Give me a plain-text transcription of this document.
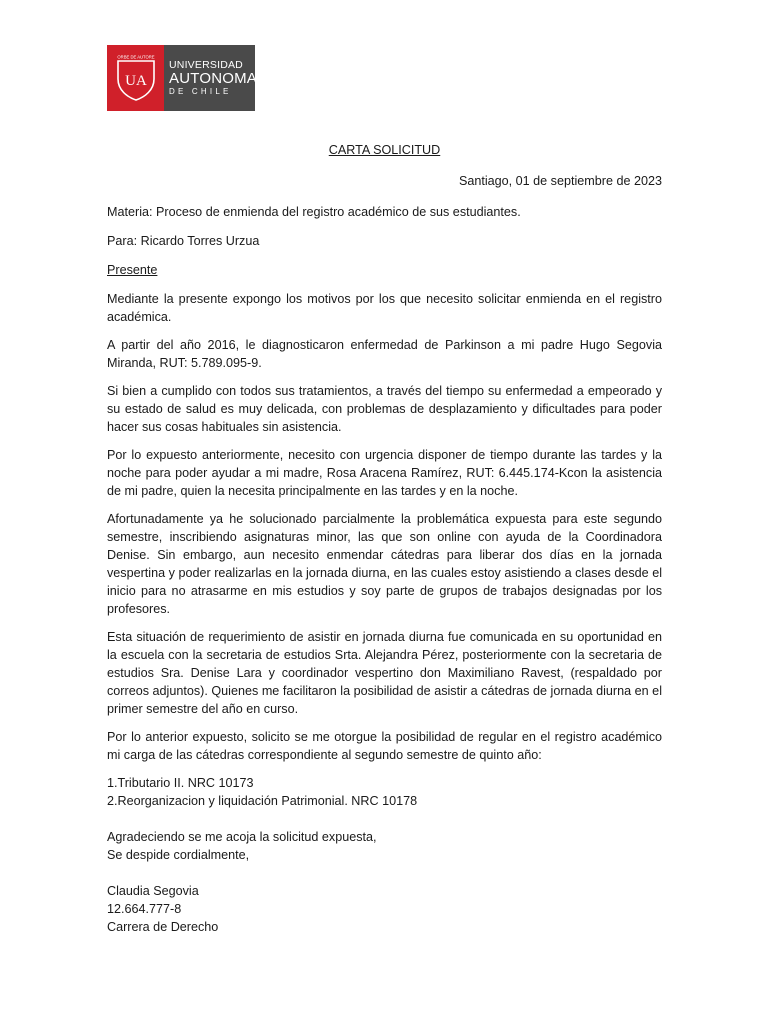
ORBE DE AUTORE
UA
UNIVERSIDAD
AUTONOMA
DE CHILE

CARTA SOLICITUD

Santiago, 01 de septiembre de 2023

Materia: Proceso de enmienda del registro académico de sus estudiantes.

Para: Ricardo Torres Urzua

Presente

Mediante la presente expongo los motivos por los que necesito solicitar enmienda en el registro académica.

A partir del año 2016, le diagnosticaron enfermedad de Parkinson a mi padre Hugo Segovia Miranda, RUT: 5.789.095-9.

Si bien a cumplido con todos sus tratamientos, a través del tiempo su enfermedad a empeorado y su estado de salud es muy delicada, con problemas de desplazamiento y dificultades para poder hacer sus cosas habituales sin asistencia.

Por lo expuesto anteriormente, necesito con urgencia disponer de tiempo durante las tardes y la noche para poder ayudar a mi madre, Rosa Aracena Ramírez, RUT: 6.445.174-Kcon la asistencia de mi padre, quien la necesita principalmente en las tardes y en la noche.

Afortunadamente ya he solucionado parcialmente la problemática expuesta para este segundo semestre, inscribiendo asignaturas minor, las que son online con ayuda de la Coordinadora Denise. Sin embargo, aun necesito enmendar cátedras para liberar dos días en la jornada vespertina y poder realizarlas en la jornada diurna, en las cuales estoy asistiendo a clases desde el inicio para no atrasarme en mis estudios y soy parte de grupos de trabajos designadas por los profesores.

Esta situación de requerimiento de asistir en jornada diurna fue comunicada en su oportunidad en la escuela con la secretaria de estudios Srta. Alejandra Pérez, posteriormente con la secretaria de estudios Sra. Denise Lara y coordinador vespertino don Maximiliano Ravest, (respaldado por correos adjuntos). Quienes me facilitaron la posibilidad de asistir a cátedras de jornada diurna en el primer semestre del año en curso.

Por lo anterior expuesto, solicito se me otorgue la posibilidad de regular en el registro académico mi carga de las cátedras correspondiente al segundo semestre de quinto año:

1.Tributario II. NRC 10173

2.Reorganizacion y liquidación Patrimonial. NRC 10178

Agradeciendo se me acoja la solicitud expuesta,

Se despide cordialmente,

Claudia Segovia

12.664.777-8

Carrera de Derecho
